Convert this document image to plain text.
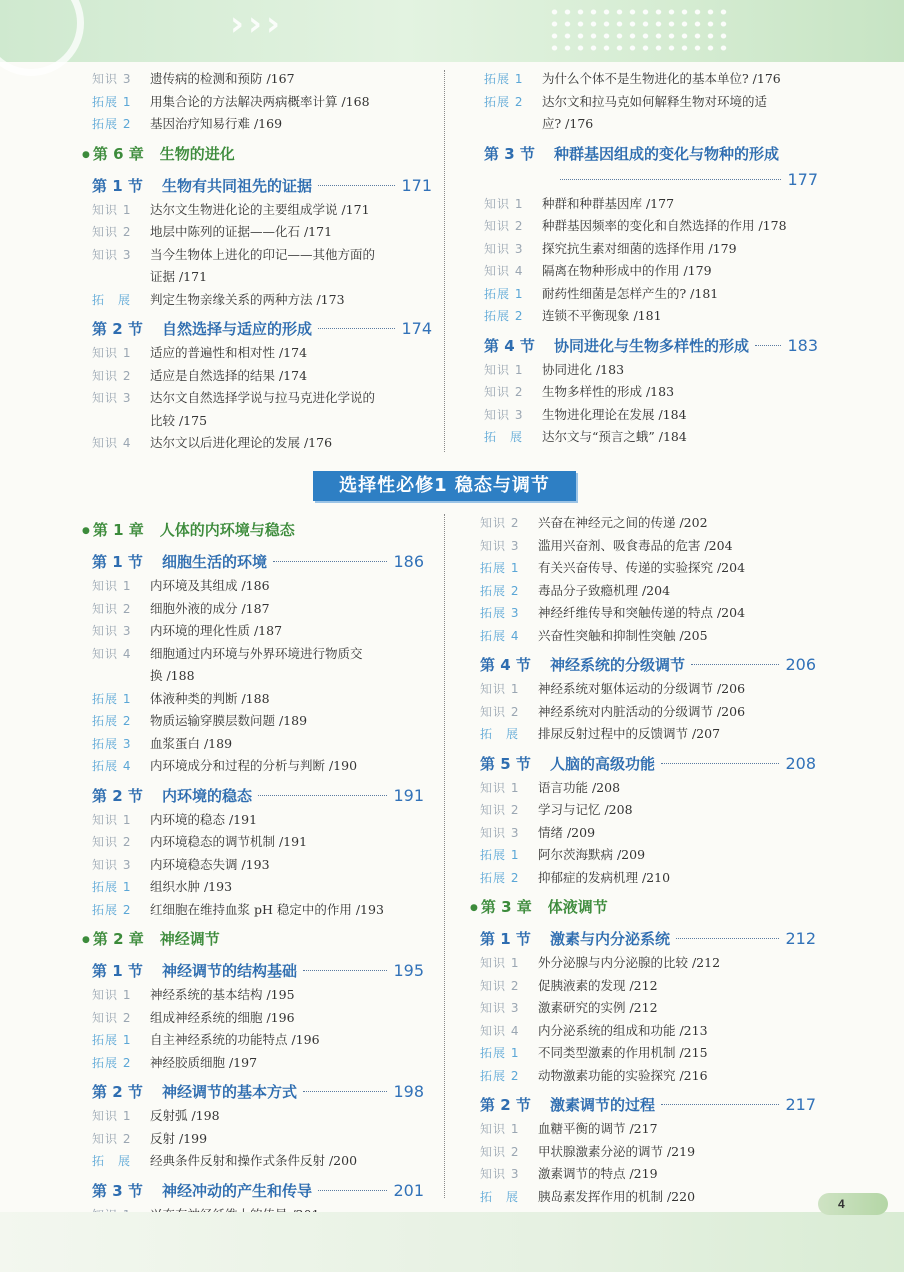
›››
知识 3	遗传病的检测和预防 /167
拓展 1	用集合论的方法解决两病概率计算 /168
拓展 2	基因治疗知易行难 /169
● 第 6 章 生物的进化
第 1 节	生物有共同祖先的证据	171
知识 1	达尔文生物进化论的主要组成学说 /171
知识 2	地层中陈列的证据——化石 /171
知识 3	当今生物体上进化的印记——其他方面的
证据 /171
拓　展	判定生物亲缘关系的两种方法 /173
第 2 节	自然选择与适应的形成	174
知识 1	适应的普遍性和相对性 /174
知识 2	适应是自然选择的结果 /174
知识 3	达尔文自然选择学说与拉马克进化学说的
比较 /175
知识 4	达尔文以后进化理论的发展 /176
拓展 1	为什么个体不是生物进化的基本单位? /176
拓展 2	达尔文和拉马克如何解释生物对环境的适
应? /176
第 3 节	种群基因组成的变化与物种的形成
177
知识 1	种群和种群基因库 /177
知识 2	种群基因频率的变化和自然选择的作用 /178
知识 3	探究抗生素对细菌的选择作用 /179
知识 4	隔离在物种形成中的作用 /179
拓展 1	耐药性细菌是怎样产生的? /181
拓展 2	连锁不平衡现象 /181
第 4 节	协同进化与生物多样性的形成 183
知识 1	协同进化 /183
知识 2	生物多样性的形成 /183
知识 3	生物进化理论在发展 /184
拓　展	达尔文与“预言之蛾” /184
选择性必修1 稳态与调节
● 第 1 章 人体的内环境与稳态
第 1 节	细胞生活的环境	186
知识 1	内环境及其组成 /186
知识 2	细胞外液的成分 /187
知识 3	内环境的理化性质 /187
知识 4	细胞通过内环境与外界环境进行物质交
换 /188
拓展 1	体液种类的判断 /188
拓展 2	物质运输穿膜层数问题 /189
拓展 3	血浆蛋白 /189
拓展 4	内环境成分和过程的分析与判断 /190
第 2 节	内环境的稳态	191
知识 1	内环境的稳态 /191
知识 2	内环境稳态的调节机制 /191
知识 3	内环境稳态失调 /193
拓展 1	组织水肿 /193
拓展 2	红细胞在维持血浆 pH 稳定中的作用 /193
● 第 2 章 神经调节
第 1 节	神经调节的结构基础	195
知识 1	神经系统的基本结构 /195
知识 2	组成神经系统的细胞 /196
拓展 1	自主神经系统的功能特点 /196
拓展 2	神经胶质细胞 /197
第 2 节	神经调节的基本方式	198
知识 1	反射弧 /198
知识 2	反射 /199
拓　展	经典条件反射和操作式条件反射 /200
第 3 节	神经冲动的产生和传导	201
知识 2	兴奋在神经元之间的传递 /202
知识 3	滥用兴奋剂、吸食毒品的危害 /204
拓展 1	有关兴奋传导、传递的实验探究 /204
拓展 2	毒品分子致瘾机理 /204
拓展 3	神经纤维传导和突触传递的特点 /204
拓展 4	兴奋性突触和抑制性突触 /205
第 4 节	神经系统的分级调节	206
知识 1	神经系统对躯体运动的分级调节 /206
知识 2	神经系统对内脏活动的分级调节 /206
拓　展	排尿反射过程中的反馈调节 /207
第 5 节	人脑的高级功能	208
知识 1	语言功能 /208
知识 2	学习与记忆 /208
知识 3	情绪 /209
拓展 1	阿尔茨海默病 /209
拓展 2	抑郁症的发病机理 /210
● 第 3 章 体液调节
第 1 节	激素与内分泌系统	212
知识 1	外分泌腺与内分泌腺的比较 /212
知识 2	促胰液素的发现 /212
知识 3	激素研究的实例 /212
知识 4	内分泌系统的组成和功能 /213
拓展 1	不同类型激素的作用机制 /215
拓展 2	动物激素功能的实验探究 /216
第 2 节	激素调节的过程	217
知识 1	血糖平衡的调节 /217
知识 2	甲状腺激素分泌的调节 /219
知识 3	激素调节的特点 /219
拓　展	胰岛素发挥作用的机制 /220
4
